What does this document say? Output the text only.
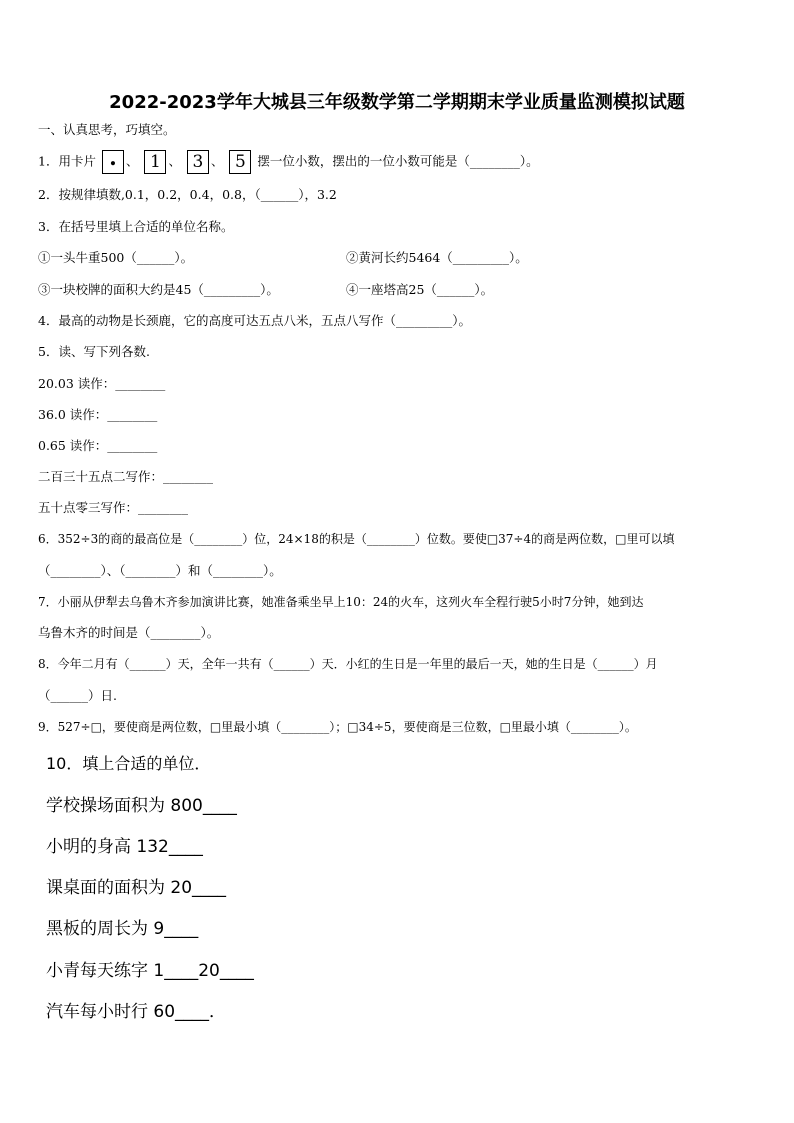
2022-2023学年大城县三年级数学第二学期期末学业质量监测模拟试题
一、认真思考，巧填空。
1．用卡片 . 、 1 、 3 、 5 摆一位小数，摆出的一位小数可能是（________）。
2．按规律填数,0.1，0.2，0.4，0.8，（______），3.2
3．在括号里填上合适的单位名称。
①一头牛重500（______）。	②黄河长约5464（_________）。
③一块校牌的面积大约是45（_________）。	④一座塔高25（______）。
4．最高的动物是长颈鹿，它的高度可达五点八米，五点八写作（_________）。
5．读、写下列各数.
20.03 读作：________
36.0 读作：________
0.65 读作：________
二百三十五点二写作：________
五十点零三写作：________
6．352÷3的商的最高位是（________）位，24×18的积是（________）位数。要使□37÷4的商是两位数，□里可以填
（________）、（________）和（________）。
7．小丽从伊犁去乌鲁木齐参加演讲比赛，她准备乘坐早上10：24的火车，这列火车全程行驶5小时7分钟，她到达
乌鲁木齐的时间是（________）。
8．今年二月有（______）天，全年一共有（______）天．小红的生日是一年里的最后一天，她的生日是（______）月
（______）日.
9．527÷□，要使商是两位数，□里最小填（________）；□34÷5，要使商是三位数，□里最小填（________）。
10．填上合适的单位．
学校操场面积为 800____
小明的身高 132____
课桌面的面积为 20____
黑板的周长为 9____
小青每天练字 1____20____
汽车每小时行 60____．
